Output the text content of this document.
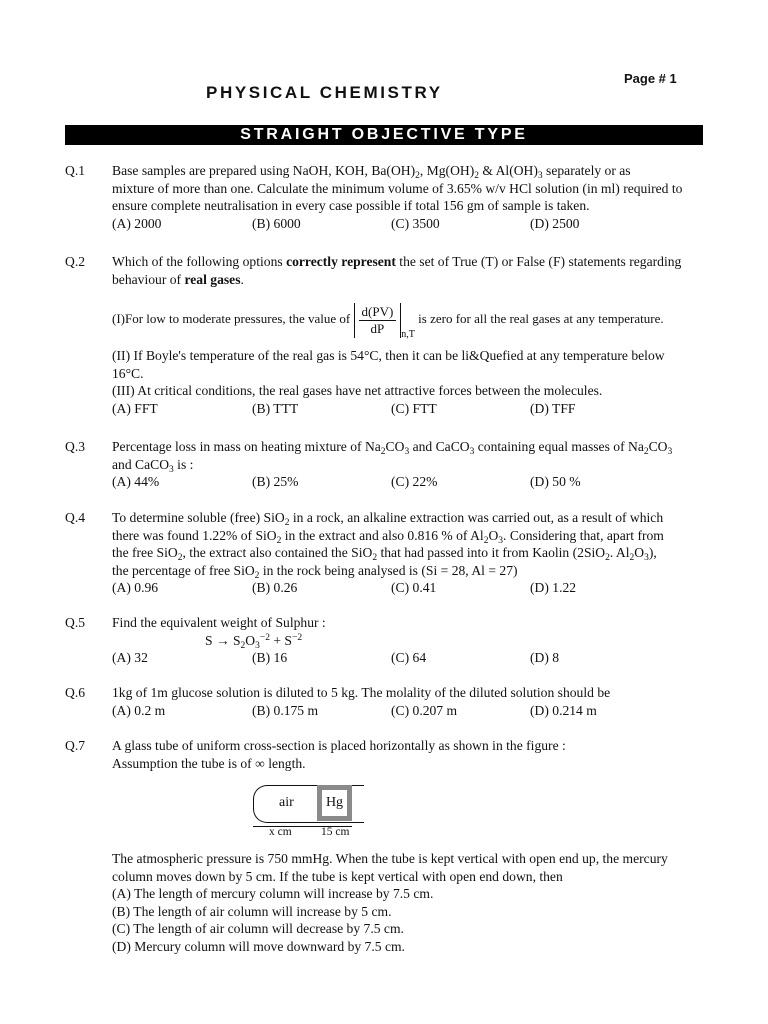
Page # 1
PHYSICAL CHEMISTRY
STRAIGHT OBJECTIVE TYPE
Q.1 Base samples are prepared using NaOH, KOH, $Ba(OH)_2$, $Mg(OH)_2$ & $Al(OH)_3$ separately or as
mixture of more than one. Calculate the minimum volume of 3.65% w/v HCl solution (in ml) required to
ensure complete neutralisation in every case possible if total 156 gm of sample is taken.
(A) 2000	(B) 6000	(C) 3500	(D) 2500
Q.2 Which of the following options correctly represent the set of True (T) or False (F) statements regarding
behaviour of real gases.
(I)For low to moderate pressures, the value of $\frac{d(PV)}{dP} _{n,T}$ is zero for all the real gases at any temperature.
(II) If Boyle's temperature of the real gas is 54°C, then it can be li&Quefied at any temperature below
16°C.
(III) At critical conditions, the real gases have net attractive forces between the molecules.
(A) FFT	(B) TTT	(C) FTT	(D) TFF
Q.3 Percentage loss in mass on heating mixture of $Na_2CO_3$ and CaCO$_3$ containing equal masses of $Na_2CO_3$
and CaCO$_3$ is :
(A) 44%	(B) 25%	(C) 22%	(D) 50 %
Q.4 To determine soluble (free) SiO$_2$ in a rock, an alkaline extraction was carried out, as a result of which
there was found 1.22% of SiO$_2$ in the extract and also 0.816 % of $Al_2O_3$. Considering that, apart from
the free SiO$_2$, the extract also contained the SiO$_2$ that had passed into it from Kaolin (2SiO$_2$. $Al_2O_3$),
the percentage of free SiO$_2$ in the rock being analysed is (Si = 28, Al = 27)
(A) 0.96	(B) 0.26	(C) 0.41	(D) 1.22
Q.5 Find the equivalent weight of Sulphur :
$S \to S_2O_3^{-2} + S^{-2}$
(A) 32	(B) 16	(C) 64	(D) 8
Q.6 1kg of 1m glucose solution is diluted to 5 kg. The molality of the diluted solution should be
(A) 0.2 m	(B) 0.175 m	(C) 0.207 m	(D) 0.214 m
Q.7 A glass tube of uniform cross-section is placed horizontally as shown in the figure :
Assumption the tube is of ∞ length.
air Hg
x cm	15 cm
The atmospheric pressure is 750 mmHg. When the tube is kept vertical with open end up, the mercury
column moves down by 5 cm. If the tube is kept vertical with open end down, then
(A) The length of mercury column will increase by 7.5 cm.
(B) The length of air column will increase by 5 cm.
(C) The length of air column will decrease by 7.5 cm.
(D) Mercury column will move downward by 7.5 cm.
